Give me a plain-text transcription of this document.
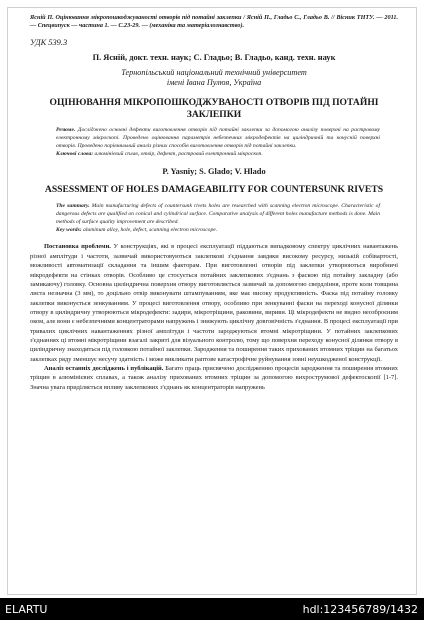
Ясній П. Оцінювання мікропошкоджуваності отворів під потайні заклепки / Ясній П., Гладьо С., Гладьо В. // Вісник ТНТУ. — 2011. — Спецвипуск — частина 1. — С.23-29. — (механіка та матеріалознавство).
УДК 539.3
П. Ясній, докт. техн. наук; С. Гладьо; В. Гладьо, канд. техн. наук
Тернопільський національний технічний університет
імені Івана Пулюя, Україна
ОЦІНЮВАННЯ МІКРОПОШКОДЖУВАНОСТІ ОТВОРІВ ПІД ПОТАЙНІ ЗАКЛЕПКИ
Резюме. Досліджено основні дефекти виготовлення отворів під потайні заклепки за допомогою аналізу поверхні на растровому електронному мікроскопі. Проведено оцінювання параметрів небезпечних мікродефектів на циліндричній та конусній поверхні отворів. Проведено порівняльний аналіз різних способів виготовлення отворів під потайні заклепки.
Ключові слова: алюмінієвий сплав, отвір, дефект, растровий електронний мікроскоп.
P. Yasniy; S. Glado; V. Hlado
ASSESSMENT OF HOLES DAMAGEABILITY FOR COUNTERSUNK RIVETS
The summary. Main manufacturing defects of countersunk rivets holes are researched with scanning electron microscope. Characteristic of dangerous defects are qualified on conical and cylindrical surface. Comparative analysis of different holes manufacture methods is done. Main methods of surface quality improvement are described.
Key words: aluminum alloy, hole, defect, scanning electron microscope.

Постановка проблеми. У конструкціях, які в процесі експлуатації піддаються випадковому спектру циклічних навантажень різної амплітуди і частоти, зазвичай використовуються заклепкові з'єднання завдяки високому ресурсу, низькій собівартості, можливості автоматизації складання та іншим факторам. При виготовленні отворів під заклепки утворюються виробничі мікродефекти на стінках отворів. Особливо це стосується потайних заклепкових з'єднань з фаскою під потайну закладну (або замикаючу) головку. Основна циліндрична поверхня отвору виготовляється зазвичай за допомогою свердління, проте коли товщина листа незначна (3 мм), то доцільно отвір виконувати штампуванням, яке має високу продуктивність. Фаска під потайну головку заклепки виконується зенкуванням. У процесі виготовлення отвору, особливо при зенкуванні фаски на переході конусної ділянки отвору в циліндричну утворюються мікродефекти: задири, мікротріщини, раковини, вириви. Ці мікродефекти не видно неозброєним оком, але вони є небезпечними концентраторами напружень і знижують циклічну довговічність з'єднання. В процесі експлуатації при тривалих циклічних навантаженнях різної амплітуди і частоти зароджуються втомні мікротріщини. У потайних заклепкових з'єднаннях ці втомні мікротріщини взагалі закриті для візуального контролю, тому що поверхня переходу конусної ділянки отвору в циліндричну знаходиться під головкою потайної заклепки. Зародження та поширення таких прихованих втомних тріщин на багатьох заклепках ряду зменшує несучу здатність і може викликати раптове катастрофічне руйнування зовні неушкодженої конструкції.

Аналіз останніх досліджень і публікацій. Багато праць присвячено дослідженню процесів зародження та поширення втомних тріщин в алюмінієвих сплавах, а також аналізу прихованих втомних тріщин за допомогою вихрострумової дефектоскопії [1-7]. Значна увага приділяється впливу заклепкових з'єднань як концентраторів напружень

ELARTU	hdl:123456789/1432
